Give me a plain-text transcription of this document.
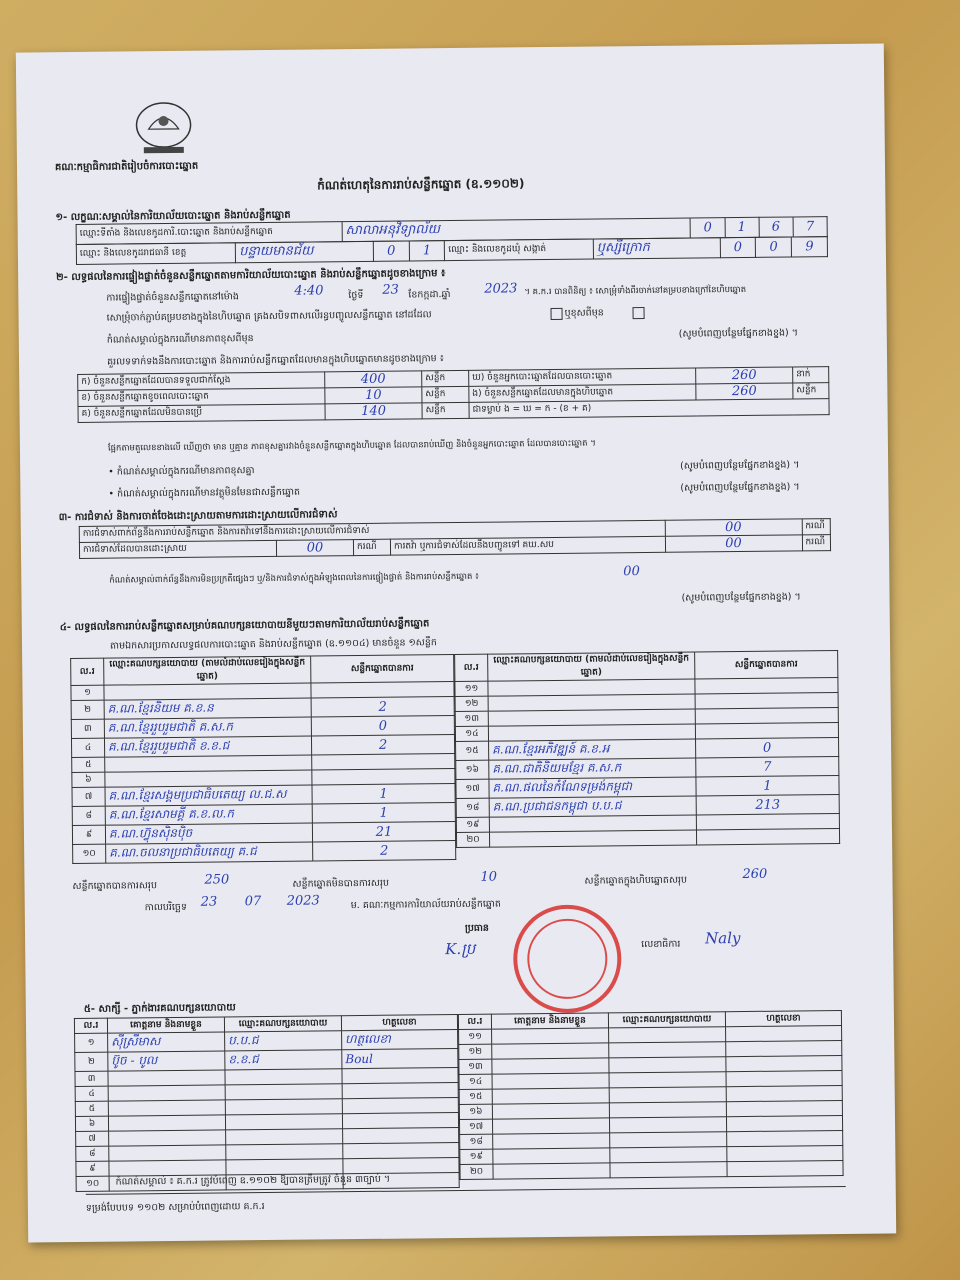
គណៈកម្មាធិការជាតិរៀបចំការបោះឆ្នោត
កំណត់ហេតុនៃការរាប់សន្លឹកឆ្នោត (ឧ.១១០២)
១- លក្ខណៈសម្គាល់នៃការិយាល័យបោះឆ្នោត និងរាប់សន្លឹកឆ្នោត
ឈ្មោះទីតាំង និងលេខកូដការិ.បោះឆ្នោត និងរាប់សន្លឹកឆ្នោត	សាលាអនុវិទ្យាល័យ	0	1	6	7
ឈ្មោះ និងលេខកូដរាជធានី ខេត្ត	បន្ទាយមានជ័យ	0	1	ឈ្មោះ និងលេខកូដឃុំ សង្កាត់	ឬស្សីក្រោក	0	0	9
២- លទ្ធផលនៃការផ្ទៀងផ្ទាត់ចំនួនសន្លឹកឆ្នោតតាមការិយាល័យបោះឆ្នោត និងរាប់សន្លឹកឆ្នោតដូចខាងក្រោម ៖
ការផ្ទៀងផ្ទាត់ចំនួនសន្លឹកឆ្នោតនៅម៉ោង	4:40	ថ្ងៃទី 23 ខែកក្កដា.ឆ្នាំ	2023 ។ គ.ក.រ បានពិនិត្យ ៖ សោម្រុំទាំងពីរចាក់នៅគម្របខាងក្រៅនៃហិបឆ្នោត
សោម្រុំចាក់ភ្ជាប់គម្របខាងក្នុងនៃហិបឆ្នោត គ្រងសបិទពាសលើរន្ធបញ្ចូលសន្លឹកឆ្នោត នៅដដែល	ឬខុសពីមុន
កំណត់សម្គាល់ក្នុងករណីមានភាពខុសពីមុន	(សូមបំពេញបន្ថែមផ្នែកខាងខ្នង) ។
គួរលទទាក់ទងនឹងការបោះឆ្នោត និងការរាប់សន្លឹកឆ្នោតដែលមានក្នុងហិបឆ្នោតមានដូចខាងក្រោម ៖
ក) ចំនួនសន្លឹកឆ្នោតដែលបានទទួលជាក់ស្តែង	400	សន្លឹក	ឃ) ចំនួនអ្នកបោះឆ្នោតដែលបានបោះឆ្នោត	260	នាក់
ខ) ចំនួនសន្លឹកឆ្នោតខូចពេលបោះឆ្នោត	10	សន្លឹក	ង) ចំនួនសន្លឹកឆ្នោតដែលមានក្នុងហិបឆ្នោត	260	សន្លឹក
គ) ចំនួនសន្លឹកឆ្នោតដែលមិនបានប្រើ	140	សន្លឹក	ជាទម្លាប់ ង = ឃ = ក - (ខ + គ)		
ផ្អែកតាមតួលេខខាងលើ ឃើញថា មាន ឬគ្មាន ភាពខុសគ្នារវាងចំនួនសន្លឹកឆ្នោតក្នុងហិបឆ្នោត ដែលបានរាប់ឃើញ និងចំនួនអ្នកបោះឆ្នោត ដែលបានបោះឆ្នោត ។
• កំណត់សម្គាល់ក្នុងករណីមានភាពខុសគ្នា	(សូមបំពេញបន្ថែមផ្នែកខាងខ្នង) ។
• កំណត់សម្គាល់ក្នុងករណីមានវត្ថុមិនមែនជាសន្លឹកឆ្នោត	(សូមបំពេញបន្ថែមផ្នែកខាងខ្នង) ។
៣- ការជំទាស់ និងការចាត់ចែងដោះស្រាយតាមការដោះស្រាយលើការជំទាស់
ការជំទាស់ពាក់ព័ន្ធនឹងការរាប់សន្លឹកឆ្នោត និងការតវ៉ាទៅនឹងការដោះស្រាយលើការជំទាស់				00	ករណី
ការជំទាស់ដែលបានដោះស្រាយ	00	ករណី	ការតវ៉ា ឬការជំទាស់ដែលនឹងបញ្ជូនទៅ គឃ.សប	00	ករណី
កំណត់សម្គាល់ពាក់ព័ន្ធនឹងការមិនប្រក្រតីផ្សេងៗ ឬ/និងការជំទាស់ក្នុងអំឡុងពេលនៃការផ្ទៀងផ្ទាត់ និងការរាប់សន្លឹកឆ្នោត ៖	00
(សូមបំពេញបន្ថែមផ្នែកខាងខ្នង) ។
៤- លទ្ធផលនៃការរាប់សន្លឹកឆ្នោតសម្រាប់គណបក្សនយោបាយនីមួយៗតាមការិយាល័យរាប់សន្លឹកឆ្នោត
តាមឯកសារប្រកាសលទ្ធផលការបោះឆ្នោត និងរាប់សន្លឹកឆ្នោត (ឧ.១១០៤) មានចំនួន ១សន្លឹក
ល.រ	ឈ្មោះគណបក្សនយោបាយ (តាមលំដាប់លេខរៀងក្នុងសន្លឹកឆ្នោត)	សន្លឹកឆ្នោតបានការ
១		
២	គ.ណ.ខ្មែរនិយម គ.ខ.ន	2
៣	គ.ណ.ខ្មែររួបរួមជាតិ គ.ស.ក	0
៤	គ.ណ.ខ្មែររួបរួមជាតិ ខ.ខ.ជ	2
៥		
៦		
៧	គ.ណ.ខ្មែរសង្គមប្រជាធិបតេយ្យ ល.ជ.ស	1
៨	គ.ណ.ខ្មែរសាមគ្គី គ.ខ.ល.ក	1
៩	គ.ណ.ហ៊្វុនស៊ិនប៉ិច	21
១០	គ.ណ.ចលនាប្រជាធិបតេយ្យ គ.ជ	2
ល.រ	ឈ្មោះគណបក្សនយោបាយ (តាមលំដាប់លេខរៀងក្នុងសន្លឹកឆ្នោត)	សន្លឹកឆ្នោតបានការ
១១		
១២		
១៣		
១៤		
១៥	គ.ណ.ខ្មែរអភិវឌ្ឍន៍ គ.ខ.អ	0
១៦	គ.ណ.ជាតិនិយមខ្មែរ គ.ស.ក	7
១៧	គ.ណ.ផលនៃកំណែទម្រង់កម្ពុជា	1
១៨	គ.ណ.ប្រជាជនកម្ពុជា ប.ប.ជ	213
១៩		
២០		
សន្លឹកឆ្នោតបានការសរុប	250	សន្លឹកឆ្នោតមិនបានការសរុប	10	សន្លឹកឆ្នោតក្នុងហិបឆ្នោតសរុប	260
កាលបរិច្ឆេទ 23 07 2023	ម. គណៈកម្មការការិយាល័យរាប់សន្លឹកឆ្នោត
ប្រធាន
K.ប្រ	លេខាធិការ Naly
៥- សាក្សី - ភ្នាក់ងារគណបក្សនយោបាយ
ល.រ	គោត្តនាម និងនាមខ្លួន	ឈ្មោះគណបក្សនយោបាយ	ហត្ថលេខា
១	ស៊ីស្រីមាស	ប.ប.ជ	ហត្ថលេខា
២	ប៊ូច - បូល	ខ.ខ.ជ	Boul
៣			
៤			
៥			
៦			
៧			
៨			
៩			
១០			
ល.រ	គោត្តនាម និងនាមខ្លួន	ឈ្មោះគណបក្សនយោបាយ	ហត្ថលេខា
១១			
១២			
១៣			
១៤			
១៥			
១៦			
១៧			
១៨			
១៩			
២០			
កំណត់សម្គាល់ ៖ គ.ក.រ ត្រូវបំពេញ ឧ.១១០២ ឱ្យបានត្រឹមត្រូវ ចំនួន ៣ច្បាប់ ។
ទម្រង់បែបបទ ១១០២ សម្រាប់បំពេញដោយ គ.ក.រ
